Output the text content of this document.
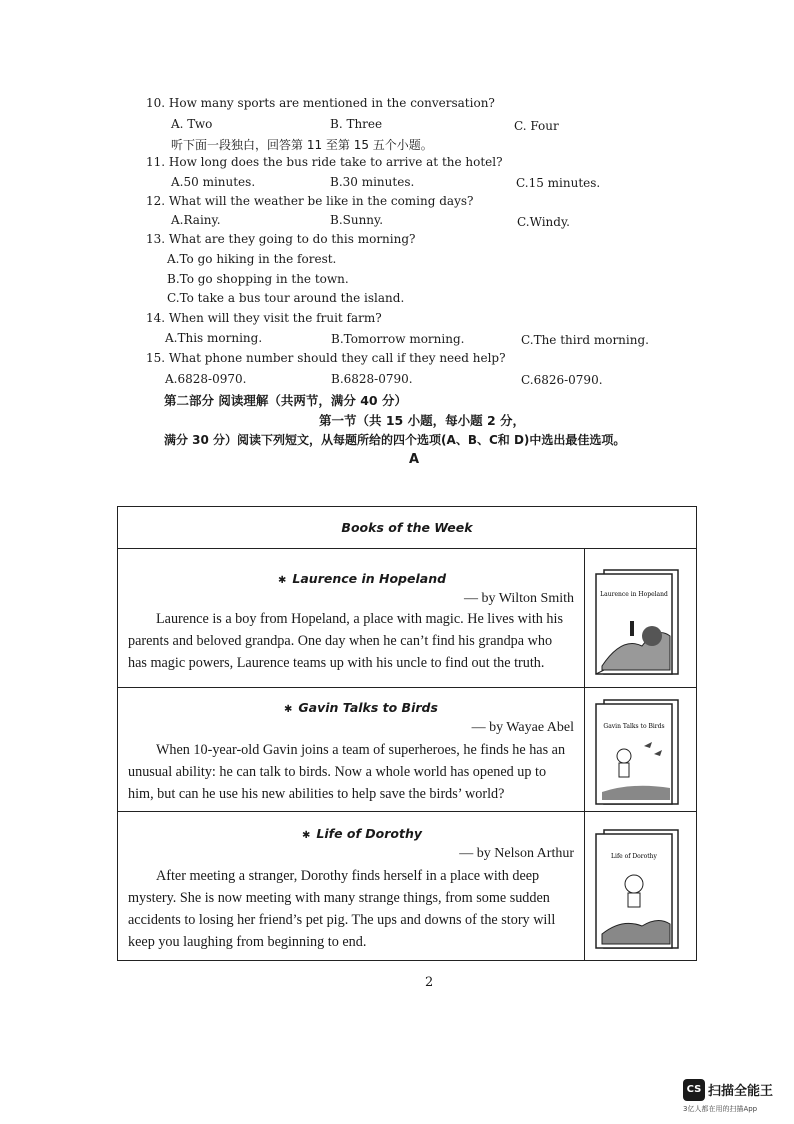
10. How many sports are mentioned in the conversation?
A. Two	B. Three	C. Four
听下面一段独白，回答第 11 至第 15 五个小题。
11. How long does the bus ride take to arrive at the hotel?
A.50 minutes.	B.30 minutes.	C.15 minutes.
12. What will the weather be like in the coming days?
A.Rainy.	B.Sunny.	C.Windy.
13. What are they going to do this morning?
A.To go hiking in the forest.
B.To go shopping in the town.
C.To take a bus tour around the island.
14. When will they visit the fruit farm?
A.This morning.	B.Tomorrow morning.	C.The third morning.
15. What phone number should they call if they need help?
A.6828-0970.	B.6828-0790.	C.6826-0790.
第二部分 阅读理解（共两节，满分 40 分）
第一节（共 15 小题，每小题 2 分，
满分 30 分）阅读下列短文，从每题所给的四个选项(A、B、C和 D)中选出最佳选项。
A
Books of the Week
✱ Laurence in Hopeland
— by Wilton Smith
Laurence is a boy from Hopeland, a place with magic. He lives with his
parents and beloved grandpa. One day when he can’t find his grandpa who
has magic powers, Laurence teams up with his uncle to find out the truth.
Laurence in Hopeland
✱ Gavin Talks to Birds
— by Wayae Abel
When 10-year-old Gavin joins a team of superheroes, he finds he has an
unusual ability: he can talk to birds. Now a whole world has opened up to
him, but can he use his new abilities to help save the birds’ world?
Gavin Talks to Birds
✱ Life of Dorothy
— by Nelson Arthur
After meeting a stranger, Dorothy finds herself in a place with deep
mystery. She is now meeting with many strange things, from some sudden
accidents to losing her friend’s pet pig. The ups and downs of the story will
keep you laughing from beginning to end.
Life of Dorothy
2
CS 扫描全能王
3亿人都在用的扫描App
